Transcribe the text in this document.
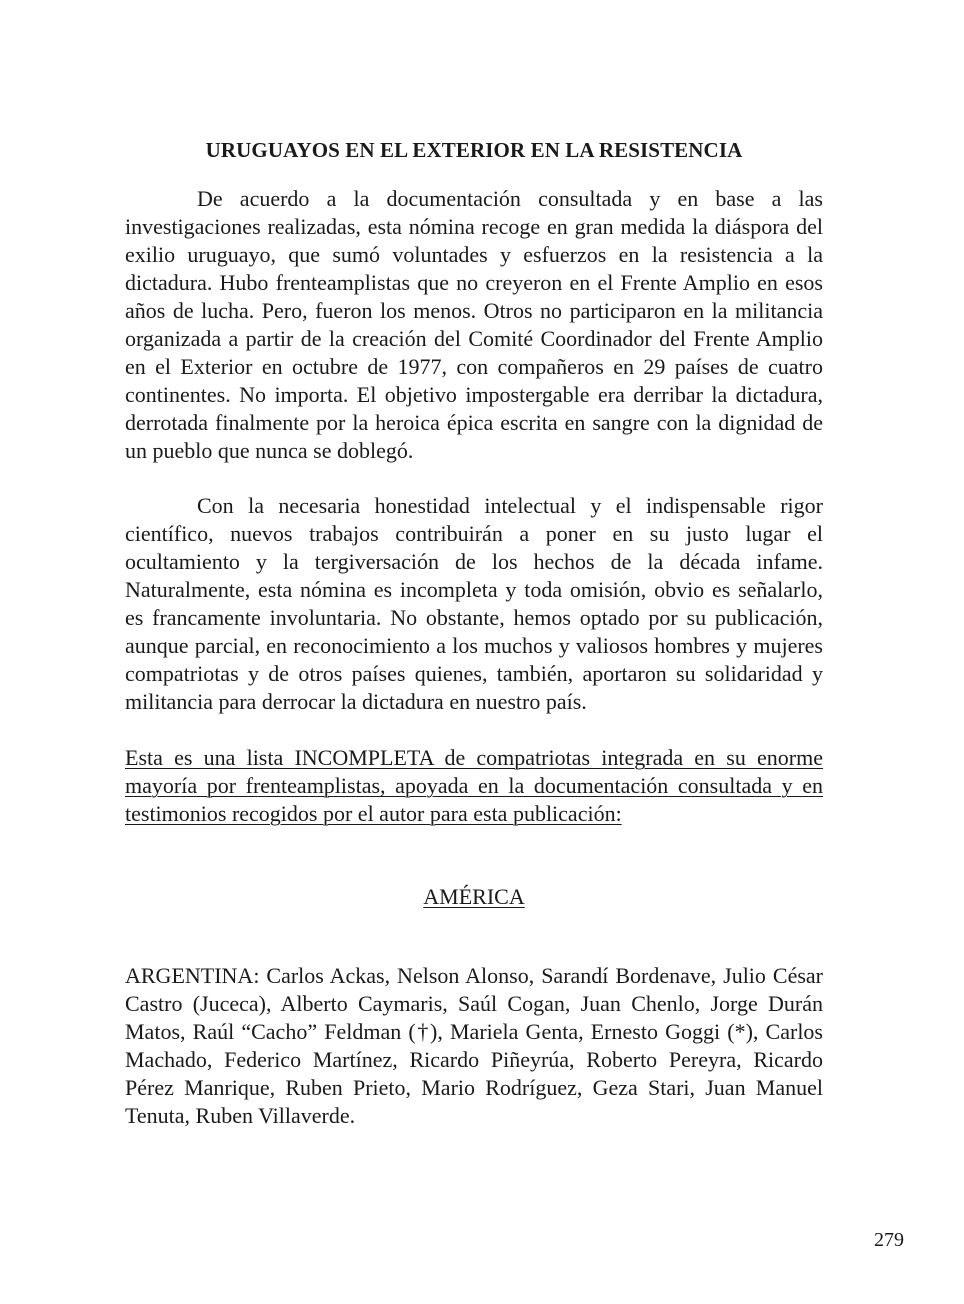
URUGUAYOS EN EL EXTERIOR EN LA RESISTENCIA

De acuerdo a la documentación consultada y en base a las investigaciones realizadas, esta nómina recoge en gran medida la diáspora del exilio uruguayo, que sumó voluntades y esfuerzos en la resistencia a la dictadura. Hubo frenteamplistas que no creyeron en el Frente Amplio en esos años de lucha. Pero, fueron los menos. Otros no participaron en la militancia organizada a partir de la creación del Comité Coordinador del Frente Amplio en el Exterior en octubre de 1977, con compañeros en 29 países de cuatro continentes. No importa. El objetivo impostergable era derribar la dictadura, derrotada finalmente por la heroica épica escrita en sangre con la dignidad de un pueblo que nunca se doblegó.

Con la necesaria honestidad intelectual y el indispensable rigor científico, nuevos trabajos contribuirán a poner en su justo lugar el ocultamiento y la tergiversación de los hechos de la década infame. Naturalmente, esta nómina es incompleta y toda omisión, obvio es señalarlo, es francamente involuntaria. No obstante, hemos optado por su publicación, aunque parcial, en reconocimiento a los muchos y valiosos hombres y mujeres compatriotas y de otros países quienes, también, aportaron su solidaridad y militancia para derrocar la dictadura en nuestro país.

Esta es una lista INCOMPLETA de compatriotas integrada en su enorme mayoría por frenteamplistas, apoyada en la documentación consultada y en testimonios recogidos por el autor para esta publicación:

AMÉRICA

ARGENTINA: Carlos Ackas, Nelson Alonso, Sarandí Bordenave, Julio César Castro (Juceca), Alberto Caymaris, Saúl Cogan, Juan Chenlo, Jorge Durán Matos, Raúl “Cacho” Feldman (†), Mariela Genta, Ernesto Goggi (*), Carlos Machado, Federico Martínez, Ricardo Piñeyrúa, Roberto Pereyra, Ricardo Pérez Manrique, Ruben Prieto, Mario Rodríguez, Geza Stari, Juan Manuel Tenuta, Ruben Villaverde.

279
